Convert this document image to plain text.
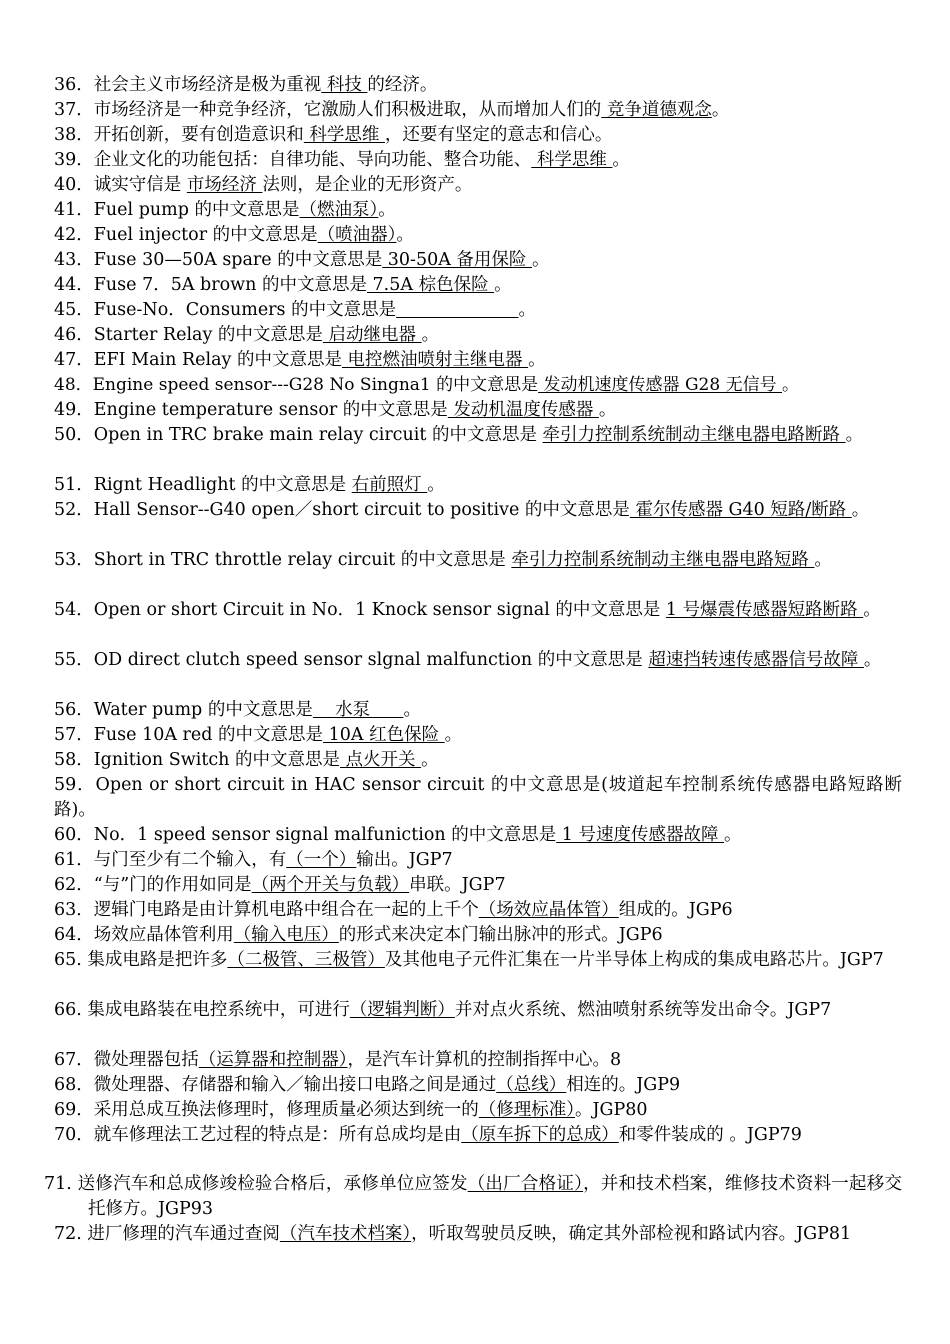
36．社会主义市场经济是极为重视 科技 的经济。
37．市场经济是一种竞争经济，它激励人们积极进取，从而增加人们的 竞争道德观念。
38．开拓创新，要有创造意识和 科学思维 ，还要有坚定的意志和信心。
39．企业文化的功能包括：自律功能、导向功能、整合功能、 科学思维 。
40．诚实守信是 市场经济 法则，是企业的无形资产。
41．Fuel pump 的中文意思是（燃油泵）。
42．Fuel injector 的中文意思是（喷油器）。
43．Fuse 30—50A spare 的中文意思是 30-50A 备用保险 。
44．Fuse 7．5A brown 的中文意思是 7.5A 棕色保险 。
45．Fuse-No．Consumers 的中文意思是	。
46．Starter Relay 的中文意思是 启动继电器 。
47．EFI Main Relay 的中文意思是 电控燃油喷射主继电器 。
48．Engine speed sensor---G28 No Singna1 的中文意思是 发动机速度传感器 G28 无信号 。
49．Engine temperature sensor 的中文意思是 发动机温度传感器 。
50．Open in TRC brake main relay circuit 的中文意思是 牵引力控制系统制动主继电器电路断路 。
51．Rignt Headlight 的中文意思是 右前照灯 。
52．Hall Sensor--G40 open／short circuit to positive 的中文意思是 霍尔传感器 G40 短路/断路 。
53．Short in TRC throttle relay circuit 的中文意思是 牵引力控制系统制动主继电器电路短路 。
54．Open or short Circuit in No．1 Knock sensor signal 的中文意思是 1 号爆震传感器短路断路 。
55．OD direct clutch speed sensor slgnal malfunction 的中文意思是 超速挡转速传感器信号故障 。
56．Water pump 的中文意思是    水泵      。
57．Fuse 10A red 的中文意思是 10A 红色保险 。
58．Ignition Switch 的中文意思是 点火开关 。
59．Open or short circuit in HAC sensor circuit 的中文意思是(坡道起车控制系统传感器电路短路断路)。
60．No．1 speed sensor signal malfuniction 的中文意思是 1 号速度传感器故障 。
61．与门至少有二个输入，有（一个）输出。JGP7
62．“与”门的作用如同是（两个开关与负载）串联。JGP7
63．逻辑门电路是由计算机电路中组合在一起的上千个（场效应晶体管）组成的。JGP6
64．场效应晶体管利用（输入电压）的形式来决定本门输出脉冲的形式。JGP6
65. 集成电路是把许多（二极管、三极管）及其他电子元件汇集在一片半导体上构成的集成电路芯片。JGP7
66. 集成电路装在电控系统中，可进行（逻辑判断）并对点火系统、燃油喷射系统等发出命令。JGP7
67．微处理器包括（运算器和控制器），是汽车计算机的控制指挥中心。8
68．微处理器、存储器和输入／输出接口电路之间是通过（总线）相连的。JGP9
69．采用总成互换法修理时，修理质量必须达到统一的（修理标准）。JGP80
70．就车修理法工艺过程的特点是：所有总成均是由（原车拆下的总成）和零件装成的 。JGP79
71. 送修汽车和总成修竣检验合格后，承修单位应签发（出厂合格证），并和技术档案，维修技术资料一起移交托修方。JGP93
72. 进厂修理的汽车通过查阅（汽车技术档案），听取驾驶员反映，确定其外部检视和路试内容。JGP81
